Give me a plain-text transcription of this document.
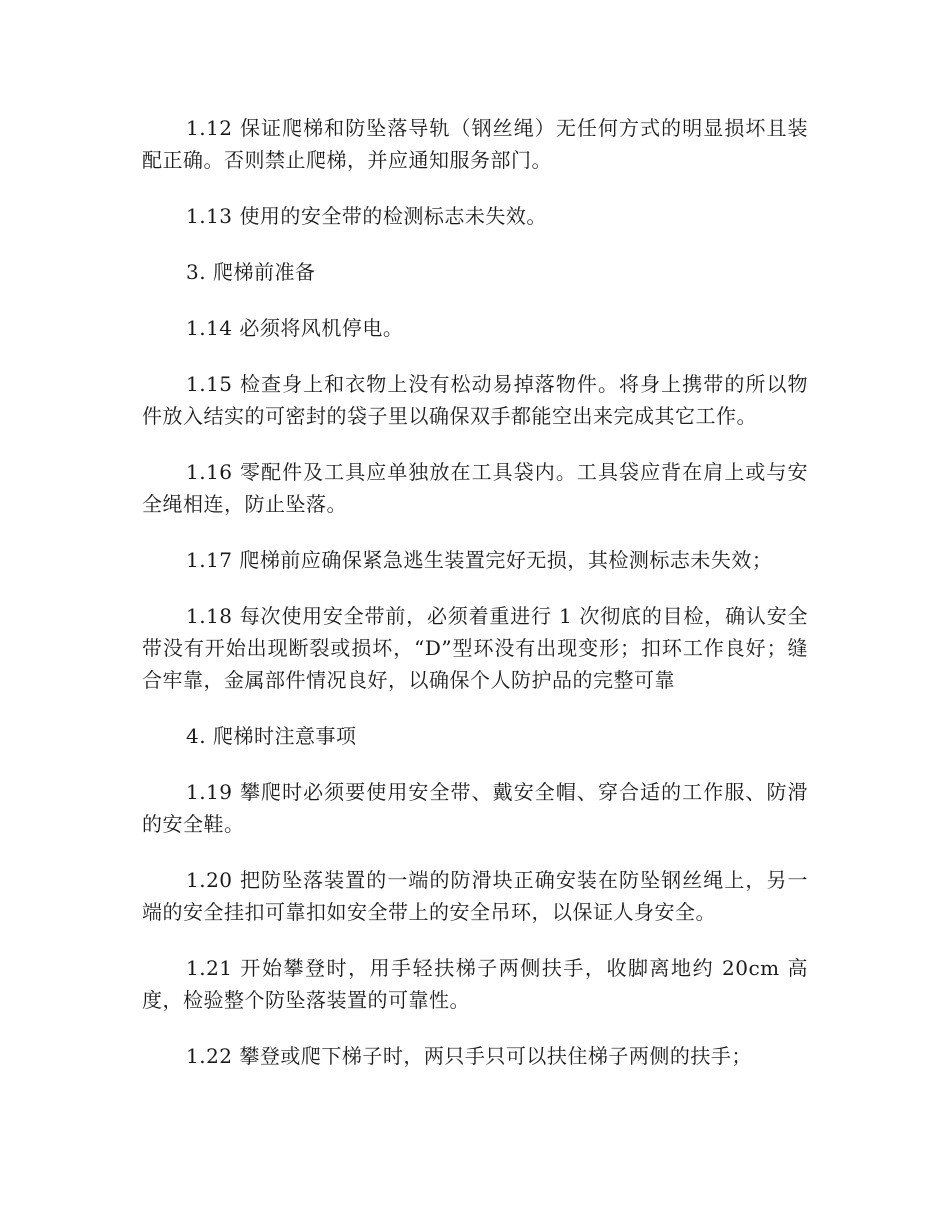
1.12 保证爬梯和防坠落导轨（钢丝绳）无任何方式的明显损坏且装配正确。否则禁止爬梯，并应通知服务部门。

1.13 使用的安全带的检测标志未失效。

3. 爬梯前准备

1.14 必须将风机停电。

1.15 检查身上和衣物上没有松动易掉落物件。将身上携带的所以物件放入结实的可密封的袋子里以确保双手都能空出来完成其它工作。

1.16 零配件及工具应单独放在工具袋内。工具袋应背在肩上或与安全绳相连，防止坠落。

1.17 爬梯前应确保紧急逃生装置完好无损，其检测标志未失效；

1.18 每次使用安全带前，必须着重进行 1 次彻底的目检，确认安全带没有开始出现断裂或损坏，“D”型环没有出现变形；扣环工作良好；缝合牢靠，金属部件情况良好，以确保个人防护品的完整可靠

4. 爬梯时注意事项

1.19 攀爬时必须要使用安全带、戴安全帽、穿合适的工作服、防滑的安全鞋。

1.20 把防坠落装置的一端的防滑块正确安装在防坠钢丝绳上，另一端的安全挂扣可靠扣如安全带上的安全吊环，以保证人身安全。

1.21 开始攀登时，用手轻扶梯子两侧扶手，收脚离地约 20cm 高度，检验整个防坠落装置的可靠性。

1.22 攀登或爬下梯子时，两只手只可以扶住梯子两侧的扶手；
